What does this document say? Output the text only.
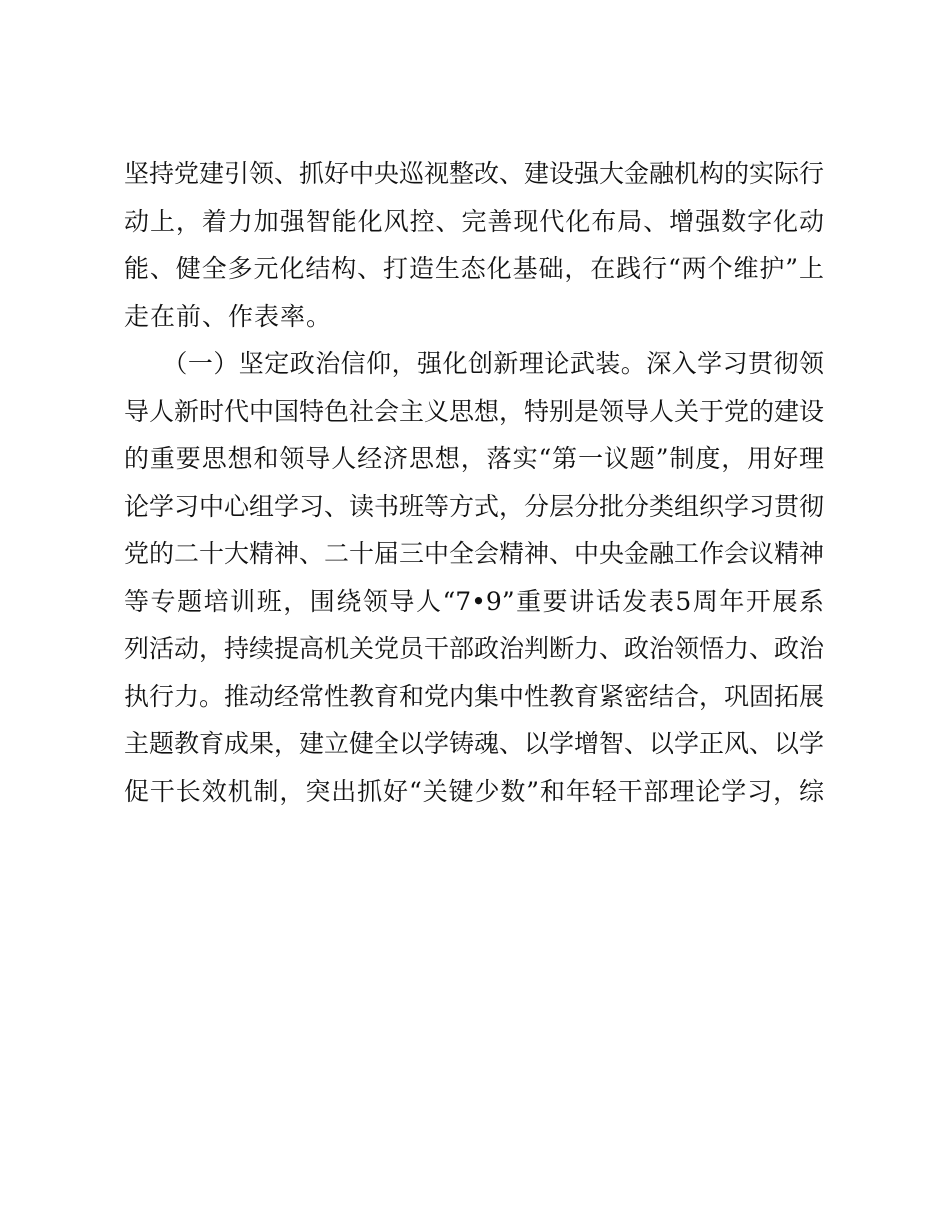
坚持党建引领、抓好中央巡视整改、建设强大金融机构的实际行
动上，着力加强智能化风控、完善现代化布局、增强数字化动
能、健全多元化结构、打造生态化基础，在践行“两个维护”上
走在前、作表率。
　　（一）坚定政治信仰，强化创新理论武装。深入学习贯彻领
导人新时代中国特色社会主义思想，特别是领导人关于党的建设
的重要思想和领导人经济思想，落实“第一议题”制度，用好理
论学习中心组学习、读书班等方式，分层分批分类组织学习贯彻
党的二十大精神、二十届三中全会精神、中央金融工作会议精神
等专题培训班，围绕领导人“7•9”重要讲话发表5周年开展系
列活动，持续提高机关党员干部政治判断力、政治领悟力、政治
执行力。推动经常性教育和党内集中性教育紧密结合，巩固拓展
主题教育成果，建立健全以学铸魂、以学增智、以学正风、以学
促干长效机制，突出抓好“关键少数”和年轻干部理论学习，综
